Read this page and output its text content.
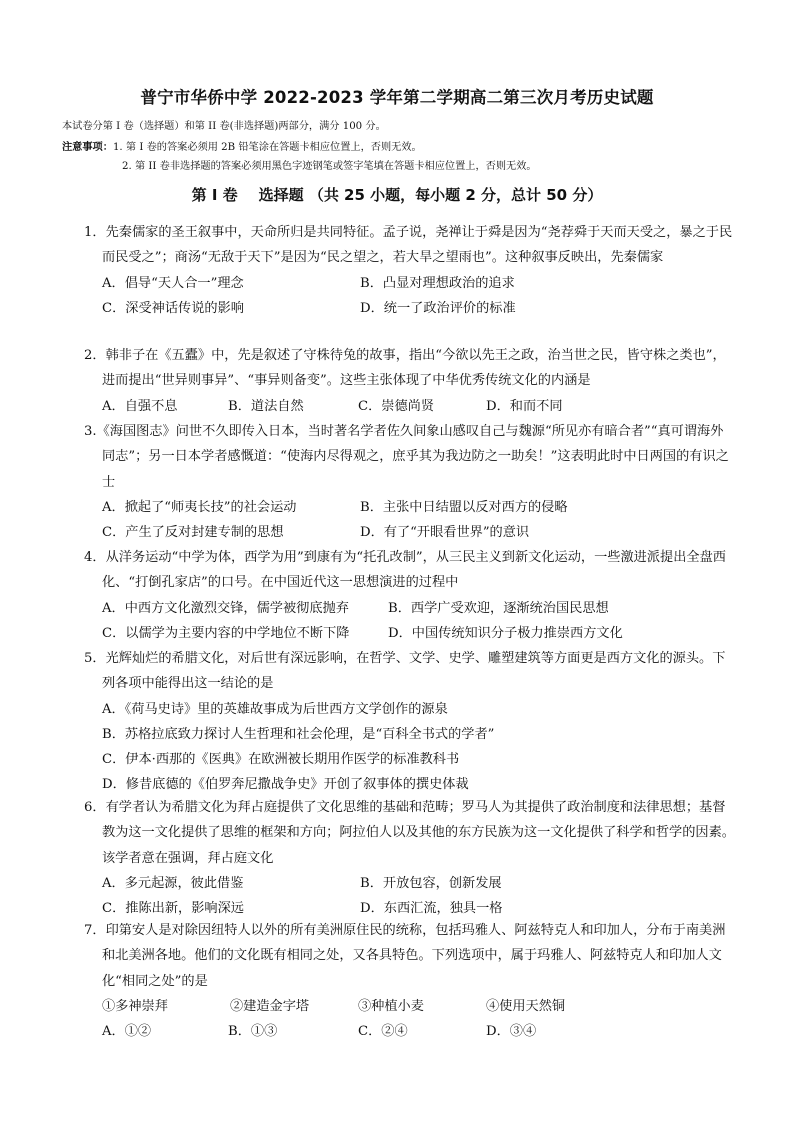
普宁市华侨中学 2022-2023 学年第二学期高二第三次月考历史试题
本试卷分第 I 卷（选择题）和第 II 卷(非选择题)两部分，满分 100 分。
注意事项：1. 第 I 卷的答案必须用 2B 铅笔涂在答题卡相应位置上，否则无效。
2. 第 II 卷非选择题的答案必须用黑色字迹钢笔或签字笔填在答题卡相应位置上，否则无效。
第 I 卷 选择题 （共 25 小题，每小题 2 分，总计 50 分）

1．先秦儒家的圣王叙事中，天命所归是共同特征。孟子说，尧禅让于舜是因为“尧荐舜于天而天受之，暴之于民而民受之”；商汤“无敌于天下”是因为“民之望之，若大旱之望雨也”。这种叙事反映出，先秦儒家

A．倡导“天人合一”理念	B．凸显对理想政治的追求
C．深受神话传说的影响	D．统一了政治评价的标准

2．韩非子在《五蠹》中，先是叙述了守株待兔的故事，指出“今欲以先王之政，治当世之民，皆守株之类也”，进而提出“世异则事异”、“事异则备变”。这些主张体现了中华优秀传统文化的内涵是

A．自强不息	B．道法自然	C．崇德尚贤	D．和而不同

3.《海国图志》问世不久即传入日本，当时著名学者佐久间象山感叹自己与魏源“所见亦有暗合者”“真可谓海外同志”；另一日本学者感慨道：“使海内尽得观之，庶乎其为我边防之一助矣！”这表明此时中日两国的有识之士

A．掀起了“师夷长技”的社会运动	B．主张中日结盟以反对西方的侵略
C．产生了反对封建专制的思想	D．有了“开眼看世界”的意识

4．从洋务运动“中学为体，西学为用”到康有为“托孔改制”，从三民主义到新文化运动，一些激进派提出全盘西化、“打倒孔家店”的口号。在中国近代这一思想演进的过程中

A．中西方文化激烈交锋，儒学被彻底抛弃	B．西学广受欢迎，逐渐统治国民思想
C．以儒学为主要内容的中学地位不断下降	D．中国传统知识分子极力推崇西方文化

5．光辉灿烂的希腊文化，对后世有深远影响，在哲学、文学、史学、雕塑建筑等方面更是西方文化的源头。下列各项中能得出这一结论的是

A．《荷马史诗》里的英雄故事成为后世西方文学创作的源泉
B．苏格拉底致力探讨人生哲理和社会伦理，是“百科全书式的学者”
C．伊本·西那的《医典》在欧洲被长期用作医学的标准教科书
D．修昔底德的《伯罗奔尼撒战争史》开创了叙事体的撰史体裁

6．有学者认为希腊文化为拜占庭提供了文化思维的基础和范畴；罗马人为其提供了政治制度和法律思想；基督教为这一文化提供了思维的框架和方向；阿拉伯人以及其他的东方民族为这一文化提供了科学和哲学的因素。该学者意在强调，拜占庭文化

A．多元起源，彼此借鉴	B．开放包容，创新发展
C．推陈出新，影响深远	D．东西汇流，独具一格

7．印第安人是对除因纽特人以外的所有美洲原住民的统称，包括玛雅人、阿兹特克人和印加人，分布于南美洲和北美洲各地。他们的文化既有相同之处，又各具特色。下列选项中，属于玛雅人、阿兹特克人和印加人文化“相同之处”的是

①多神崇拜	②建造金字塔	③种植小麦	④使用天然铜
A．①②	B．①③	C．②④	D．③④
